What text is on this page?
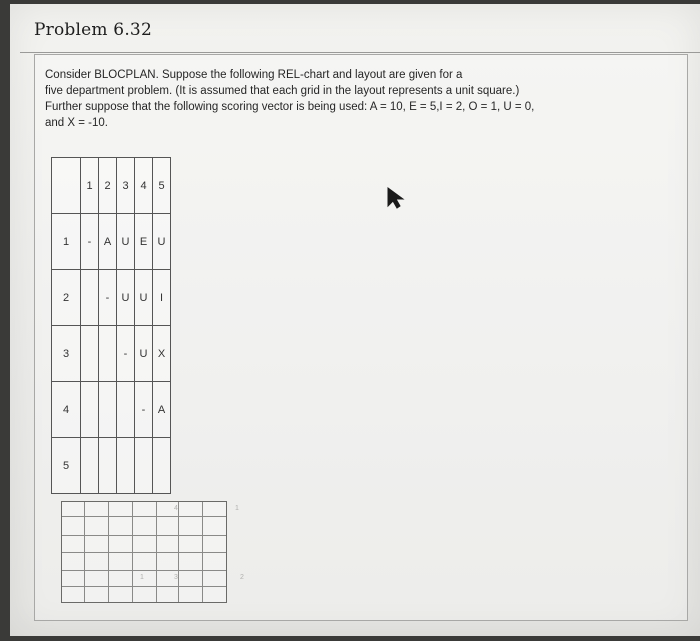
Problem 6.32
Consider BLOCPLAN. Suppose the following REL-chart and layout are given for a
five department problem. (It is assumed that each grid in the layout represents a unit square.)
Further suppose that the following scoring vector is being used: A = 10, E = 5,I = 2, O = 1, U = 0,
and X = -10.
	1	2	3	4	5
1	-	A	U	E	U
2		-	U	U	I
3			-	U	X
4				-	A
5					
4	1
1	3	2
